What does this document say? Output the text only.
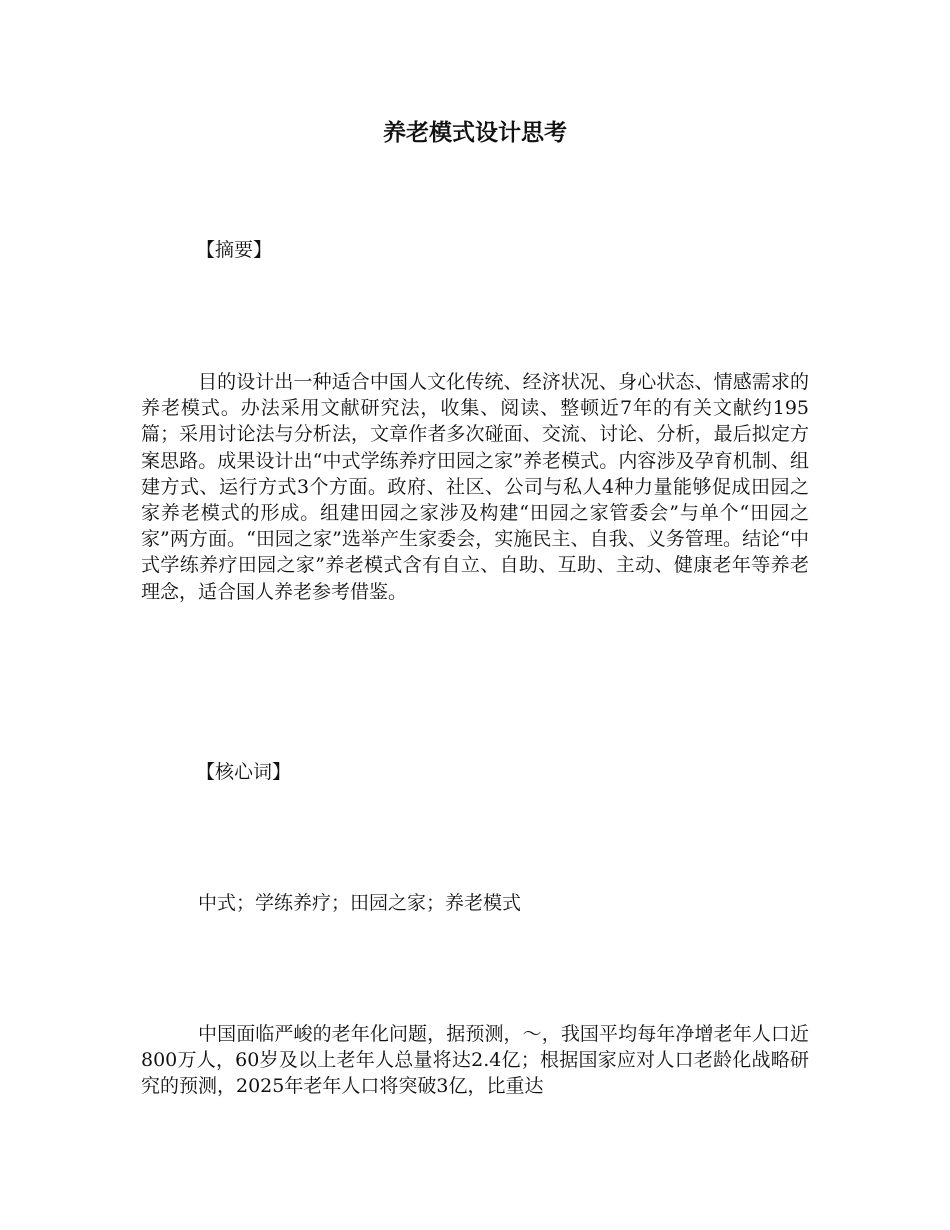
养老模式设计思考

【摘要】

目的设计出一种适合中国人文化传统、经济状况、身心状态、情感需求的养老模式。办法采用文献研究法，收集、阅读、整顿近7年的有关文献约195篇；采用讨论法与分析法，文章作者多次碰面、交流、讨论、分析，最后拟定方案思路。成果设计出“中式学练养疗田园之家”养老模式。内容涉及孕育机制、组建方式、运行方式3个方面。政府、社区、公司与私人4种力量能够促成田园之家养老模式的形成。组建田园之家涉及构建“田园之家管委会”与单个“田园之家”两方面。“田园之家”选举产生家委会，实施民主、自我、义务管理。结论“中式学练养疗田园之家”养老模式含有自立、自助、互助、主动、健康老年等养老理念，适合国人养老参考借鉴。

【核心词】

中式；学练养疗；田园之家；养老模式

中国面临严峻的老年化问题，据预测，～，我国平均每年净增老年人口近800万人，60岁及以上老年人总量将达2.4亿；根据国家应对人口老龄化战略研究的预测，2025年老年人口将突破3亿，比重达
